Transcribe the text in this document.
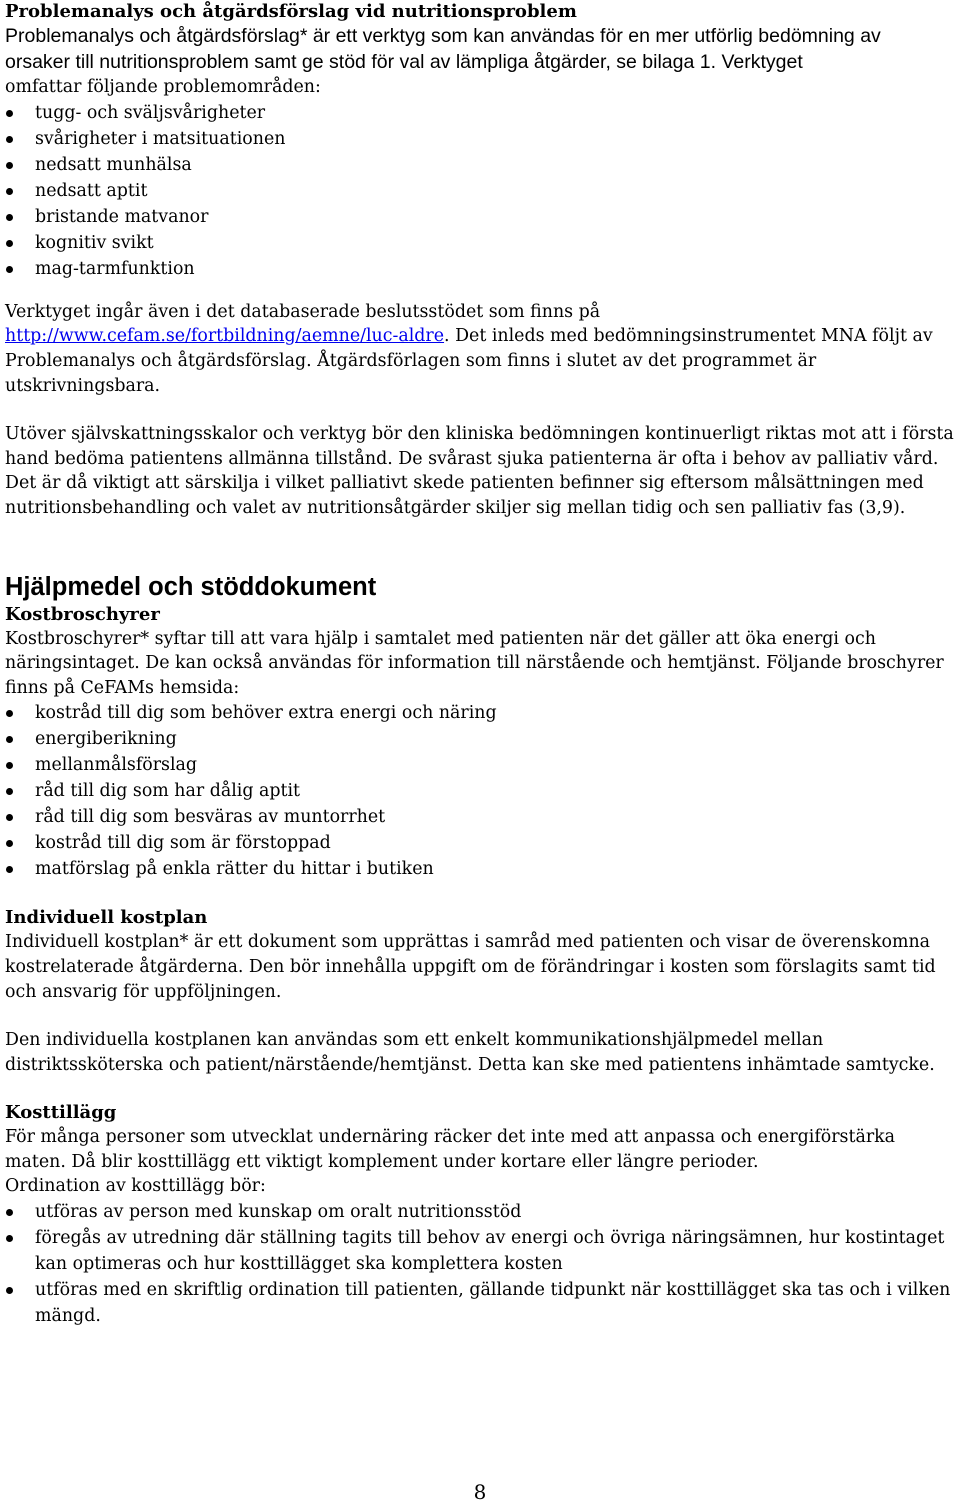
Problemanalys och åtgärdsförslag vid nutritionsproblem

Problemanalys och åtgärdsförslag* är ett verktyg som kan användas för en mer utförlig bedömning av
orsaker till nutritionsproblem samt ge stöd för val av lämpliga åtgärder, se bilaga 1. Verktyget
omfattar följande problemområden:

tugg- och sväljsvårigheter
svårigheter i matsituationen
nedsatt munhälsa
nedsatt aptit
bristande matvanor
kognitiv svikt
mag-tarmfunktion

Verktyget ingår även i det databaserade beslutsstödet som finns på
http://www.cefam.se/fortbildning/aemne/luc-aldre. Det inleds med bedömningsinstrumentet MNA följt av Problemanalys och åtgärdsförslag. Åtgärdsförlagen som finns i slutet av det programmet är utskrivningsbara.

Utöver självskattningsskalor och verktyg bör den kliniska bedömningen kontinuerligt riktas mot att i första hand bedöma patientens allmänna tillstånd. De svårast sjuka patienterna är ofta i behov av palliativ vård. Det är då viktigt att särskilja i vilket palliativt skede patienten befinner sig eftersom målsättningen med nutritionsbehandling och valet av nutritionsåtgärder skiljer sig mellan tidig och sen palliativ fas (3,9).

Hjälpmedel och stöddokument
Kostbroschyrer

Kostbroschyrer* syftar till att vara hjälp i samtalet med patienten när det gäller att öka energi och näringsintaget. De kan också användas för information till närstående och hemtjänst. Följande broschyrer finns på CeFAMs hemsida:

kostråd till dig som behöver extra energi och näring
energiberikning
mellanmålsförslag
råd till dig som har dålig aptit
råd till dig som besväras av muntorrhet
kostråd till dig som är förstoppad
matförslag på enkla rätter du hittar i butiken
Individuell kostplan

Individuell kostplan* är ett dokument som upprättas i samråd med patienten och visar de överenskomna kostrelaterade åtgärderna. Den bör innehålla uppgift om de förändringar i kosten som förslagits samt tid och ansvarig för uppföljningen.

Den individuella kostplanen kan användas som ett enkelt kommunikationshjälpmedel mellan distriktssköterska och patient/närstående/hemtjänst. Detta kan ske med patientens inhämtade samtycke.

Kosttillägg

För många personer som utvecklat undernäring räcker det inte med att anpassa och energiförstärka maten. Då blir kosttillägg ett viktigt komplement under kortare eller längre perioder.

Ordination av kosttillägg bör:

utföras av person med kunskap om oralt nutritionsstöd
föregås av utredning där ställning tagits till behov av energi och övriga näringsämnen, hur kostintaget kan optimeras och hur kosttillägget ska komplettera kosten
utföras med en skriftlig ordination till patienten, gällande tidpunkt när kosttillägget ska tas och i vilken mängd.
8
